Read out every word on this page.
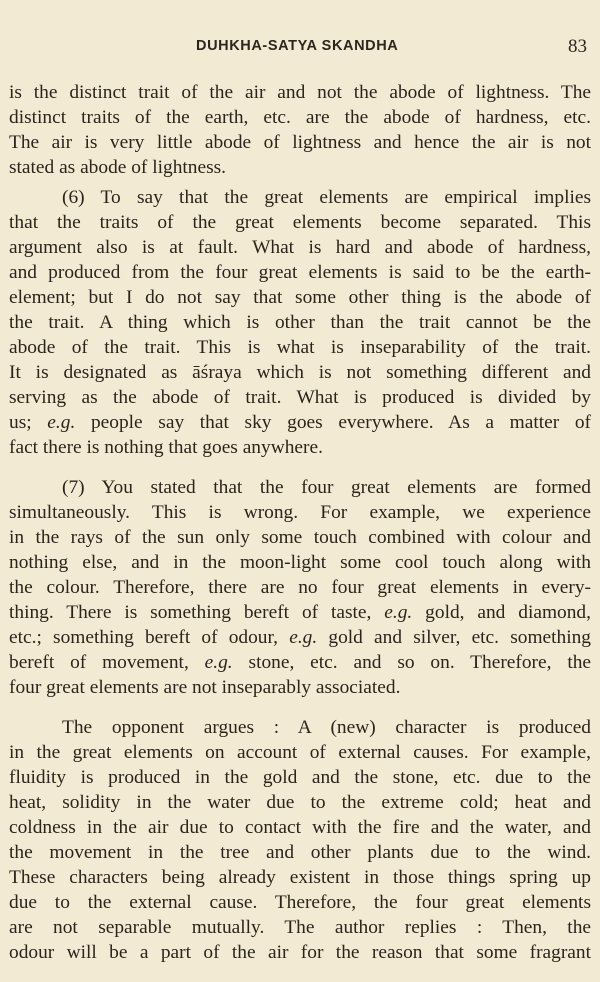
DUHKHA-SATYA SKANDHA	83
is the distinct trait of the air and not the abode of lightness. The
distinct traits of the earth, etc. are the abode of hardness, etc.
The air is very little abode of lightness and hence the air is not
stated as abode of lightness.
(6) To say that the great elements are empirical implies
that the traits of the great elements become separated. This
argument also is at fault. What is hard and abode of hardness,
and produced from the four great elements is said to be the earth-
element; but I do not say that some other thing is the abode of
the trait. A thing which is other than the trait cannot be the
abode of the trait. This is what is inseparability of the trait.
It is designated as āśraya which is not something different and
serving as the abode of trait. What is produced is divided by
us; e.g. people say that sky goes everywhere. As a matter of
fact there is nothing that goes anywhere.
(7) You stated that the four great elements are formed
simultaneously. This is wrong. For example, we experience
in the rays of the sun only some touch combined with colour and
nothing else, and in the moon-light some cool touch along with
the colour. Therefore, there are no four great elements in every-
thing. There is something bereft of taste, e.g. gold, and diamond,
etc.; something bereft of odour, e.g. gold and silver, etc. something
bereft of movement, e.g. stone, etc. and so on. Therefore, the
four great elements are not inseparably associated.
The opponent argues : A (new) character is produced
in the great elements on account of external causes. For example,
fluidity is produced in the gold and the stone, etc. due to the
heat, solidity in the water due to the extreme cold; heat and
coldness in the air due to contact with the fire and the water, and
the movement in the tree and other plants due to the wind.
These characters being already existent in those things spring up
due to the external cause. Therefore, the four great elements
are not separable mutually. The author replies : Then, the
odour will be a part of the air for the reason that some fragrant
